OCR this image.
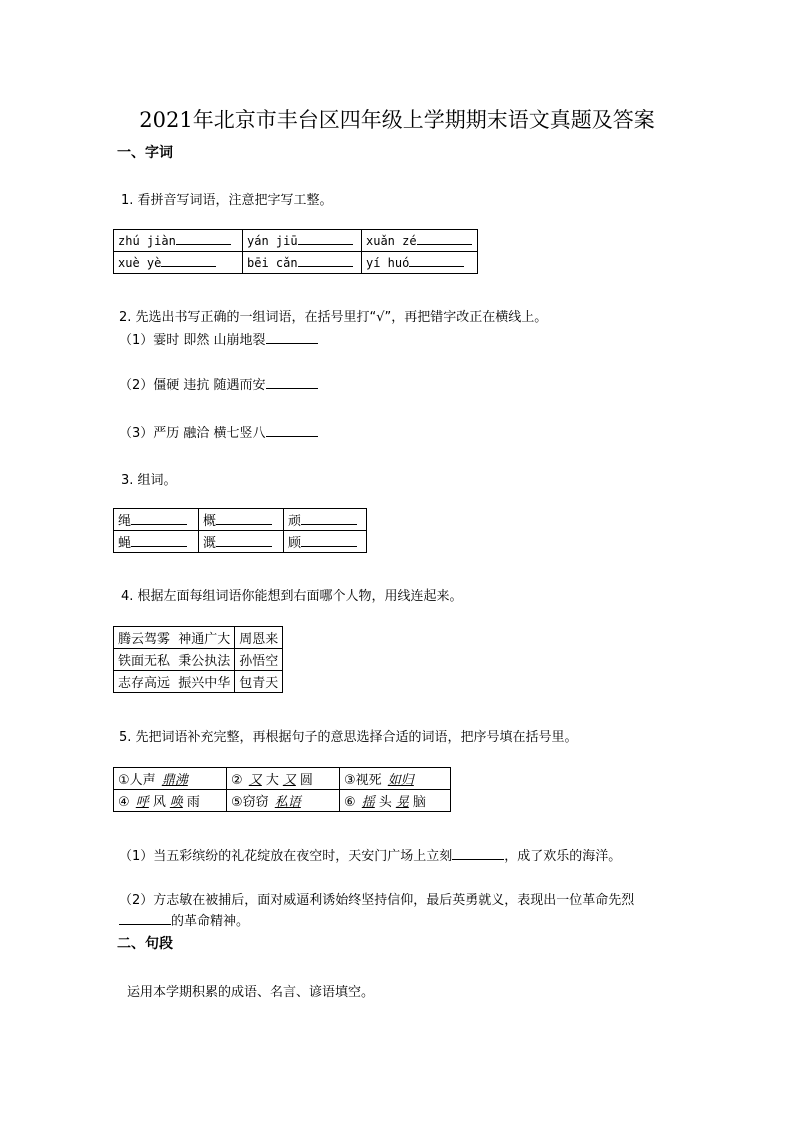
2021年北京市丰台区四年级上学期期末语文真题及答案
一、字词
1. 看拼音写词语，注意把字写工整。
zhú jiàn	yán jiū	xuǎn zé
xuè yè	bēi cǎn	yí huó
2. 先选出书写正确的一组词语，在括号里打“√”，再把错字改正在横线上。
（1）霎时 即然 山崩地裂
（2）僵硬 违抗 随遇而安
（3）严历 融洽 横七竖八
3. 组词。
绳	概	顽
蝇	溉	顾
4. 根据左面每组词语你能想到右面哪个人物，用线连起来。
腾云驾雾  神通广大	周恩来
铁面无私  秉公执法	孙悟空
志存高远  振兴中华	包青天
5. 先把词语补充完整，再根据句子的意思选择合适的词语，把序号填在括号里。
①人声 鼎沸	② 又 大 又 圆	③视死 如归
④ 呼 风 唤 雨	⑤窃窃 私语	⑥ 摇 头 晃 脑
（1）当五彩缤纷的礼花绽放在夜空时，天安门广场上立刻	，成了欢乐的海洋。
（2）方志敏在被捕后，面对威逼利诱始终坚持信仰，最后英勇就义，表现出一位革命先烈
的革命精神。
二、句段
运用本学期积累的成语、名言、谚语填空。
